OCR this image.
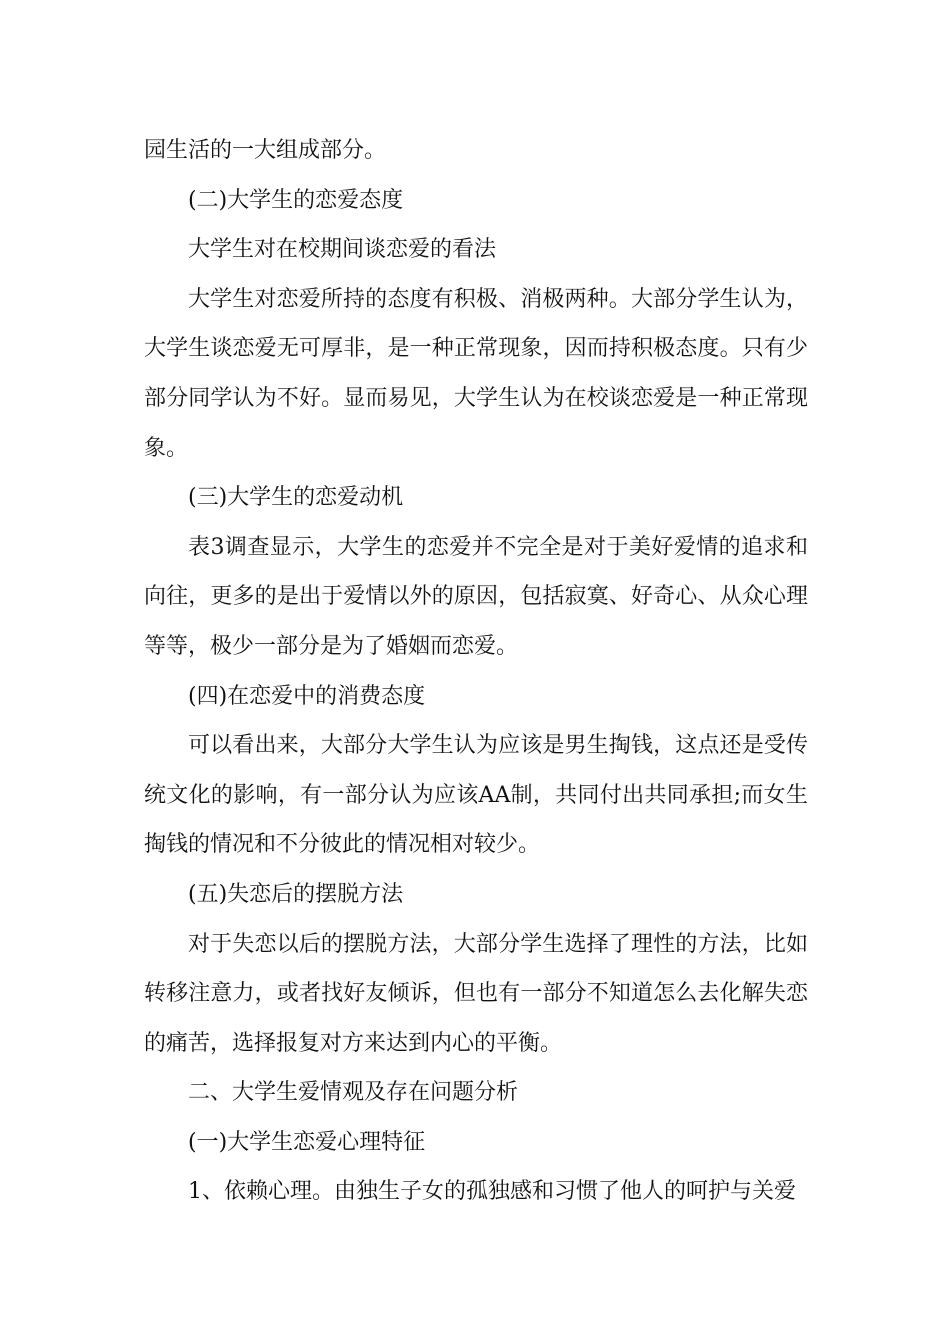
园生活的一大组成部分。

(二)大学生的恋爱态度

大学生对在校期间谈恋爱的看法

大学生对恋爱所持的态度有积极、消极两种。大部分学生认为，大学生谈恋爱无可厚非，是一种正常现象，因而持积极态度。只有少部分同学认为不好。显而易见，大学生认为在校谈恋爱是一种正常现象。

(三)大学生的恋爱动机

表3调查显示，大学生的恋爱并不完全是对于美好爱情的追求和向往，更多的是出于爱情以外的原因，包括寂寞、好奇心、从众心理等等，极少一部分是为了婚姻而恋爱。

(四)在恋爱中的消费态度

可以看出来，大部分大学生认为应该是男生掏钱，这点还是受传统文化的影响，有一部分认为应该AA制，共同付出共同承担;而女生掏钱的情况和不分彼此的情况相对较少。

(五)失恋后的摆脱方法

对于失恋以后的摆脱方法，大部分学生选择了理性的方法，比如转移注意力，或者找好友倾诉，但也有一部分不知道怎么去化解失恋的痛苦，选择报复对方来达到内心的平衡。

二、大学生爱情观及存在问题分析

(一)大学生恋爱心理特征

1、依赖心理。由独生子女的孤独感和习惯了他人的呵护与关爱
